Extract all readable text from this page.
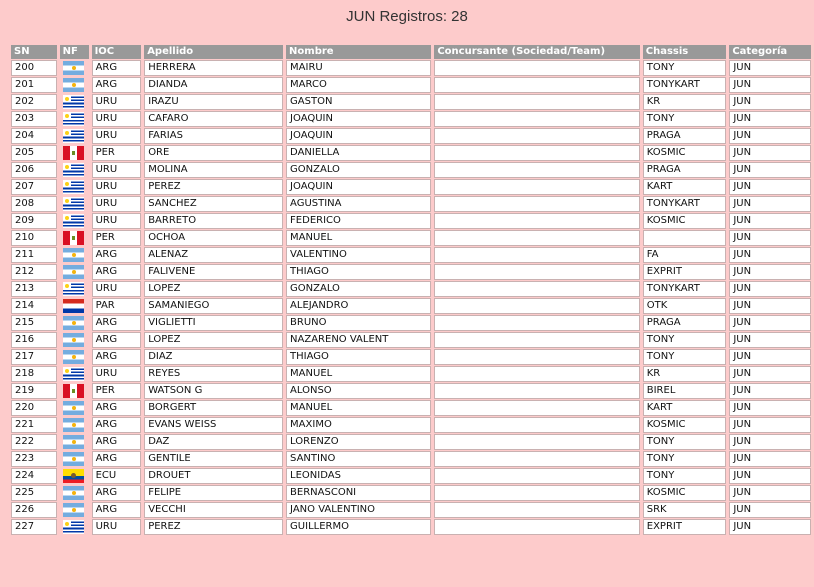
JUN Registros: 28
SN	NF	IOC	Apellido	Nombre	Concursante (Sociedad/Team)	Chassis	Categoría
200		ARG	HERRERA	MAIRU		TONY	JUN
201		ARG	DIANDA	MARCO		TONYKART	JUN
202		URU	IRAZU	GASTON		KR	JUN
203		URU	CAFARO	JOAQUIN		TONY	JUN
204		URU	FARIAS	JOAQUIN		PRAGA	JUN
205		PER	ORE	DANIELLA		KOSMIC	JUN
206		URU	MOLINA	GONZALO		PRAGA	JUN
207		URU	PEREZ	JOAQUIN		KART	JUN
208		URU	SANCHEZ	AGUSTINA		TONYKART	JUN
209		URU	BARRETO	FEDERICO		KOSMIC	JUN
210		PER	OCHOA	MANUEL			JUN
211		ARG	ALENAZ	VALENTINO		FA	JUN
212		ARG	FALIVENE	THIAGO		EXPRIT	JUN
213		URU	LOPEZ	GONZALO		TONYKART	JUN
214		PAR	SAMANIEGO	ALEJANDRO		OTK	JUN
215		ARG	VIGLIETTI	BRUNO		PRAGA	JUN
216		ARG	LOPEZ	NAZARENO VALENT		TONY	JUN
217		ARG	DIAZ	THIAGO		TONY	JUN
218		URU	REYES	MANUEL		KR	JUN
219		PER	WATSON G	ALONSO		BIREL	JUN
220		ARG	BORGERT	MANUEL		KART	JUN
221		ARG	EVANS WEISS	MAXIMO		KOSMIC	JUN
222		ARG	DAZ	LORENZO		TONY	JUN
223		ARG	GENTILE	SANTINO		TONY	JUN
224		ECU	DROUET	LEONIDAS		TONY	JUN
225		ARG	FELIPE	BERNASCONI		KOSMIC	JUN
226		ARG	VECCHI	JANO VALENTINO		SRK	JUN
227		URU	PEREZ	GUILLERMO		EXPRIT	JUN
